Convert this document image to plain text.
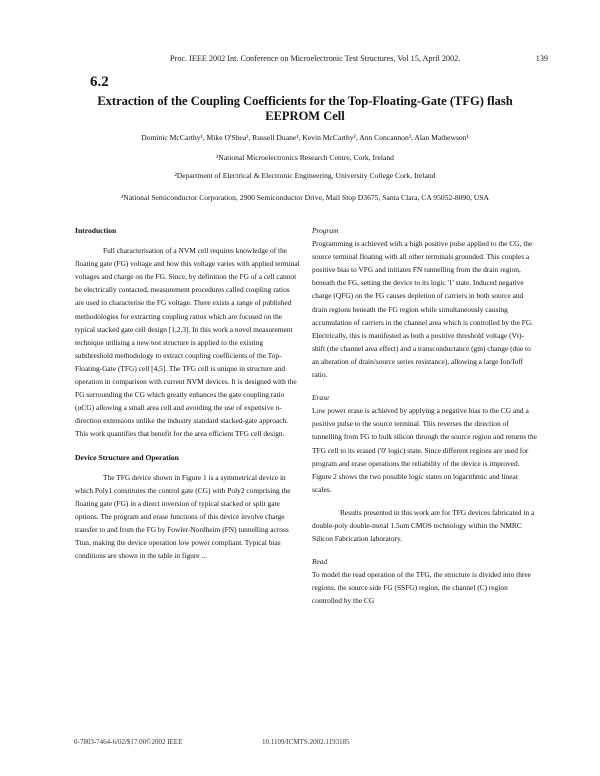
Proc. IEEE 2002 Int. Conference on Microelectronic Test Structures, Vol 15, April 2002.	139
6.2
Extraction of the Coupling Coefficients for the Top-Floating-Gate (TFG) flash EEPROM Cell
Dominic McCarthy¹, Mike O'Shea², Russell Duane¹, Kevin McCarthy², Ann Concannon³, Alan Mathewson¹
¹National Microelectronics Research Centre, Cork, Ireland
²Department of Electrical & Electronic Engineering, University College Cork, Ireland
³National Semiconductor Corporation, 2900 Semiconductor Drive, Mail Stop D3675, Santa Clara, CA 95052-8090, USA
Introduction

Full characterisation of a NVM cell requires knowledge of the floating gate (FG) voltage and how this voltage varies with applied terminal voltages and charge on the FG. Since, by definition the FG of a cell cannot be electrically contacted, measurement procedures called coupling ratios are used to characterise the FG voltage. There exists a range of published methodologies for extracting coupling ratios which are focused on the typical stacked gate cell design [1,2,3]. In this work a novel measurement technique utilising a new test structure is applied to the existing subthreshold methodology to extract coupling coefficients of the Top-Floating-Gate (TFG) cell [4,5]. The TFG cell is unique in structure and operation in comparison with current NVM devices. It is designed with the FG surrounding the CG which greatly enhances the gate coupling ratio (αCG) allowing a small area cell and avoiding the use of expensive n-direction extensions unlike the industry standard stacked-gate approach. This work quantifies that benefit for the area efficient TFG cell design.

Device Structure and Operation

The TFG device shown in Figure 1 is a symmetrical device in which Poly1 constitutes the control gate (CG) with Poly2 comprising the floating gate (FG) in a direct inversion of typical stacked or split gate options. The program and erase functions of this device involve charge transfer to and from the FG by Fowler-Nordheim (FN) tunnelling across Ttun, making the device operation low power compliant. Typical bias conditions are shown in the table in figure ...

Program

Programming is achieved with a high positive pulse applied to the CG, the source terminal floating with all other terminals grounded. This couples a positive bias to VFG and initiates FN tunnelling from the drain region, beneath the FG, setting the device to its logic '1' state. Induced negative charge (QFG) on the FG causes depletion of carriers in both source and drain regions beneath the FG region while simultaneously causing accumulation of carriers in the channel area which is controlled by the FG. Electrically, this is manifested as both a positive threshold voltage (Vt)-shift (the channel area effect) and a transconductance (gm) change (due to an alteration of drain/source series resistance), allowing a large Ion/Ioff ratio.

Erase

Low power erase is achieved by applying a negative bias to the CG and a positive pulse to the source terminal. This reverses the direction of tunnelling from FG to bulk silicon through the source region and returns the TFG cell to its erased ('0' logic) state. Since different regions are used for program and erase operations the reliability of the device is improved. Figure 2 shows the two possible logic states on logarithmic and linear scales.

Results presented in this work are for TFG devices fabricated in a double-poly double-metal 1.5um CMOS technology within the NMRC Silicon Fabrication laboratory.

Read

To model the read operation of the TFG, the structure is divided into three regions, the source side FG (SSFG) region, the channel (C) region controlled by the CG

0-7803-7464-6/02/$17.00©2002 IEEE	10.1109/ICMTS.2002.1193185
